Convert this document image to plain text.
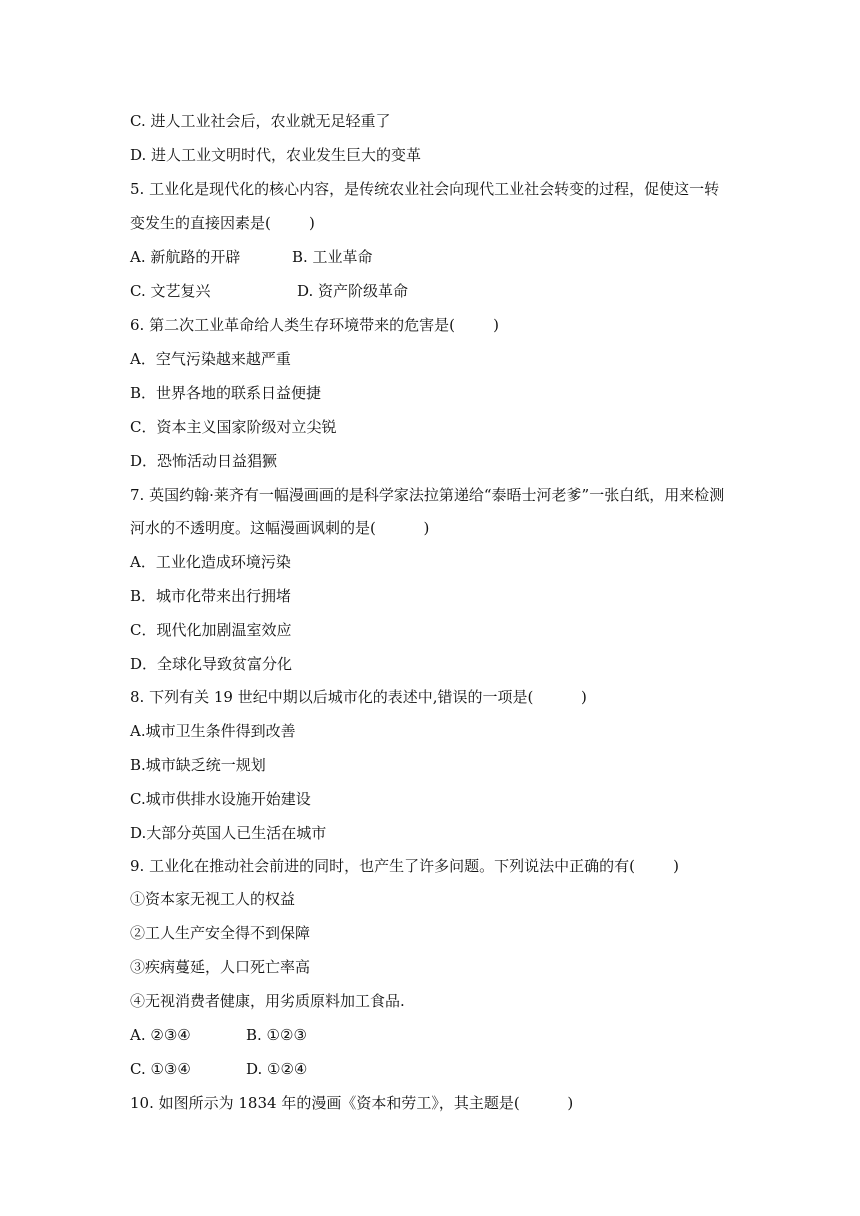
C. 进人工业社会后，农业就无足轻重了
D. 进人工业文明时代，农业发生巨大的变革
5. 工业化是现代化的核心内容，是传统农业社会向现代工业社会转变的过程，促使这一转
变发生的直接因素是(        )
A. 新航路的开辟	B. 工业革命
C. 文艺复兴	D. 资产阶级革命
6. 第二次工业革命给人类生存环境带来的危害是(        )
A．空气污染越来越严重
B．世界各地的联系日益便捷
C．资本主义国家阶级对立尖锐
D．恐怖活动日益猖獗
7. 英国约翰·莱齐有一幅漫画画的是科学家法拉第递给“泰晤士河老爹”一张白纸，用来检测
河水的不透明度。这幅漫画讽刺的是(          )
A．工业化造成环境污染
B．城市化带来出行拥堵
C．现代化加剧温室效应
D．全球化导致贫富分化
8. 下列有关 19 世纪中期以后城市化的表述中,错误的一项是(          )
A.城市卫生条件得到改善
B.城市缺乏统一规划
C.城市供排水设施开始建设
D.大部分英国人已生活在城市
9. 工业化在推动社会前进的同时，也产生了许多问题。下列说法中正确的有(        )
①资本家无视工人的权益
②工人生产安全得不到保障
③疾病蔓延，人口死亡率高
④无视消费者健康，用劣质原料加工食品.
A. ②③④	B. ①②③
C. ①③④	D. ①②④
10. 如图所示为 1834 年的漫画《资本和劳工》，其主题是(          )
